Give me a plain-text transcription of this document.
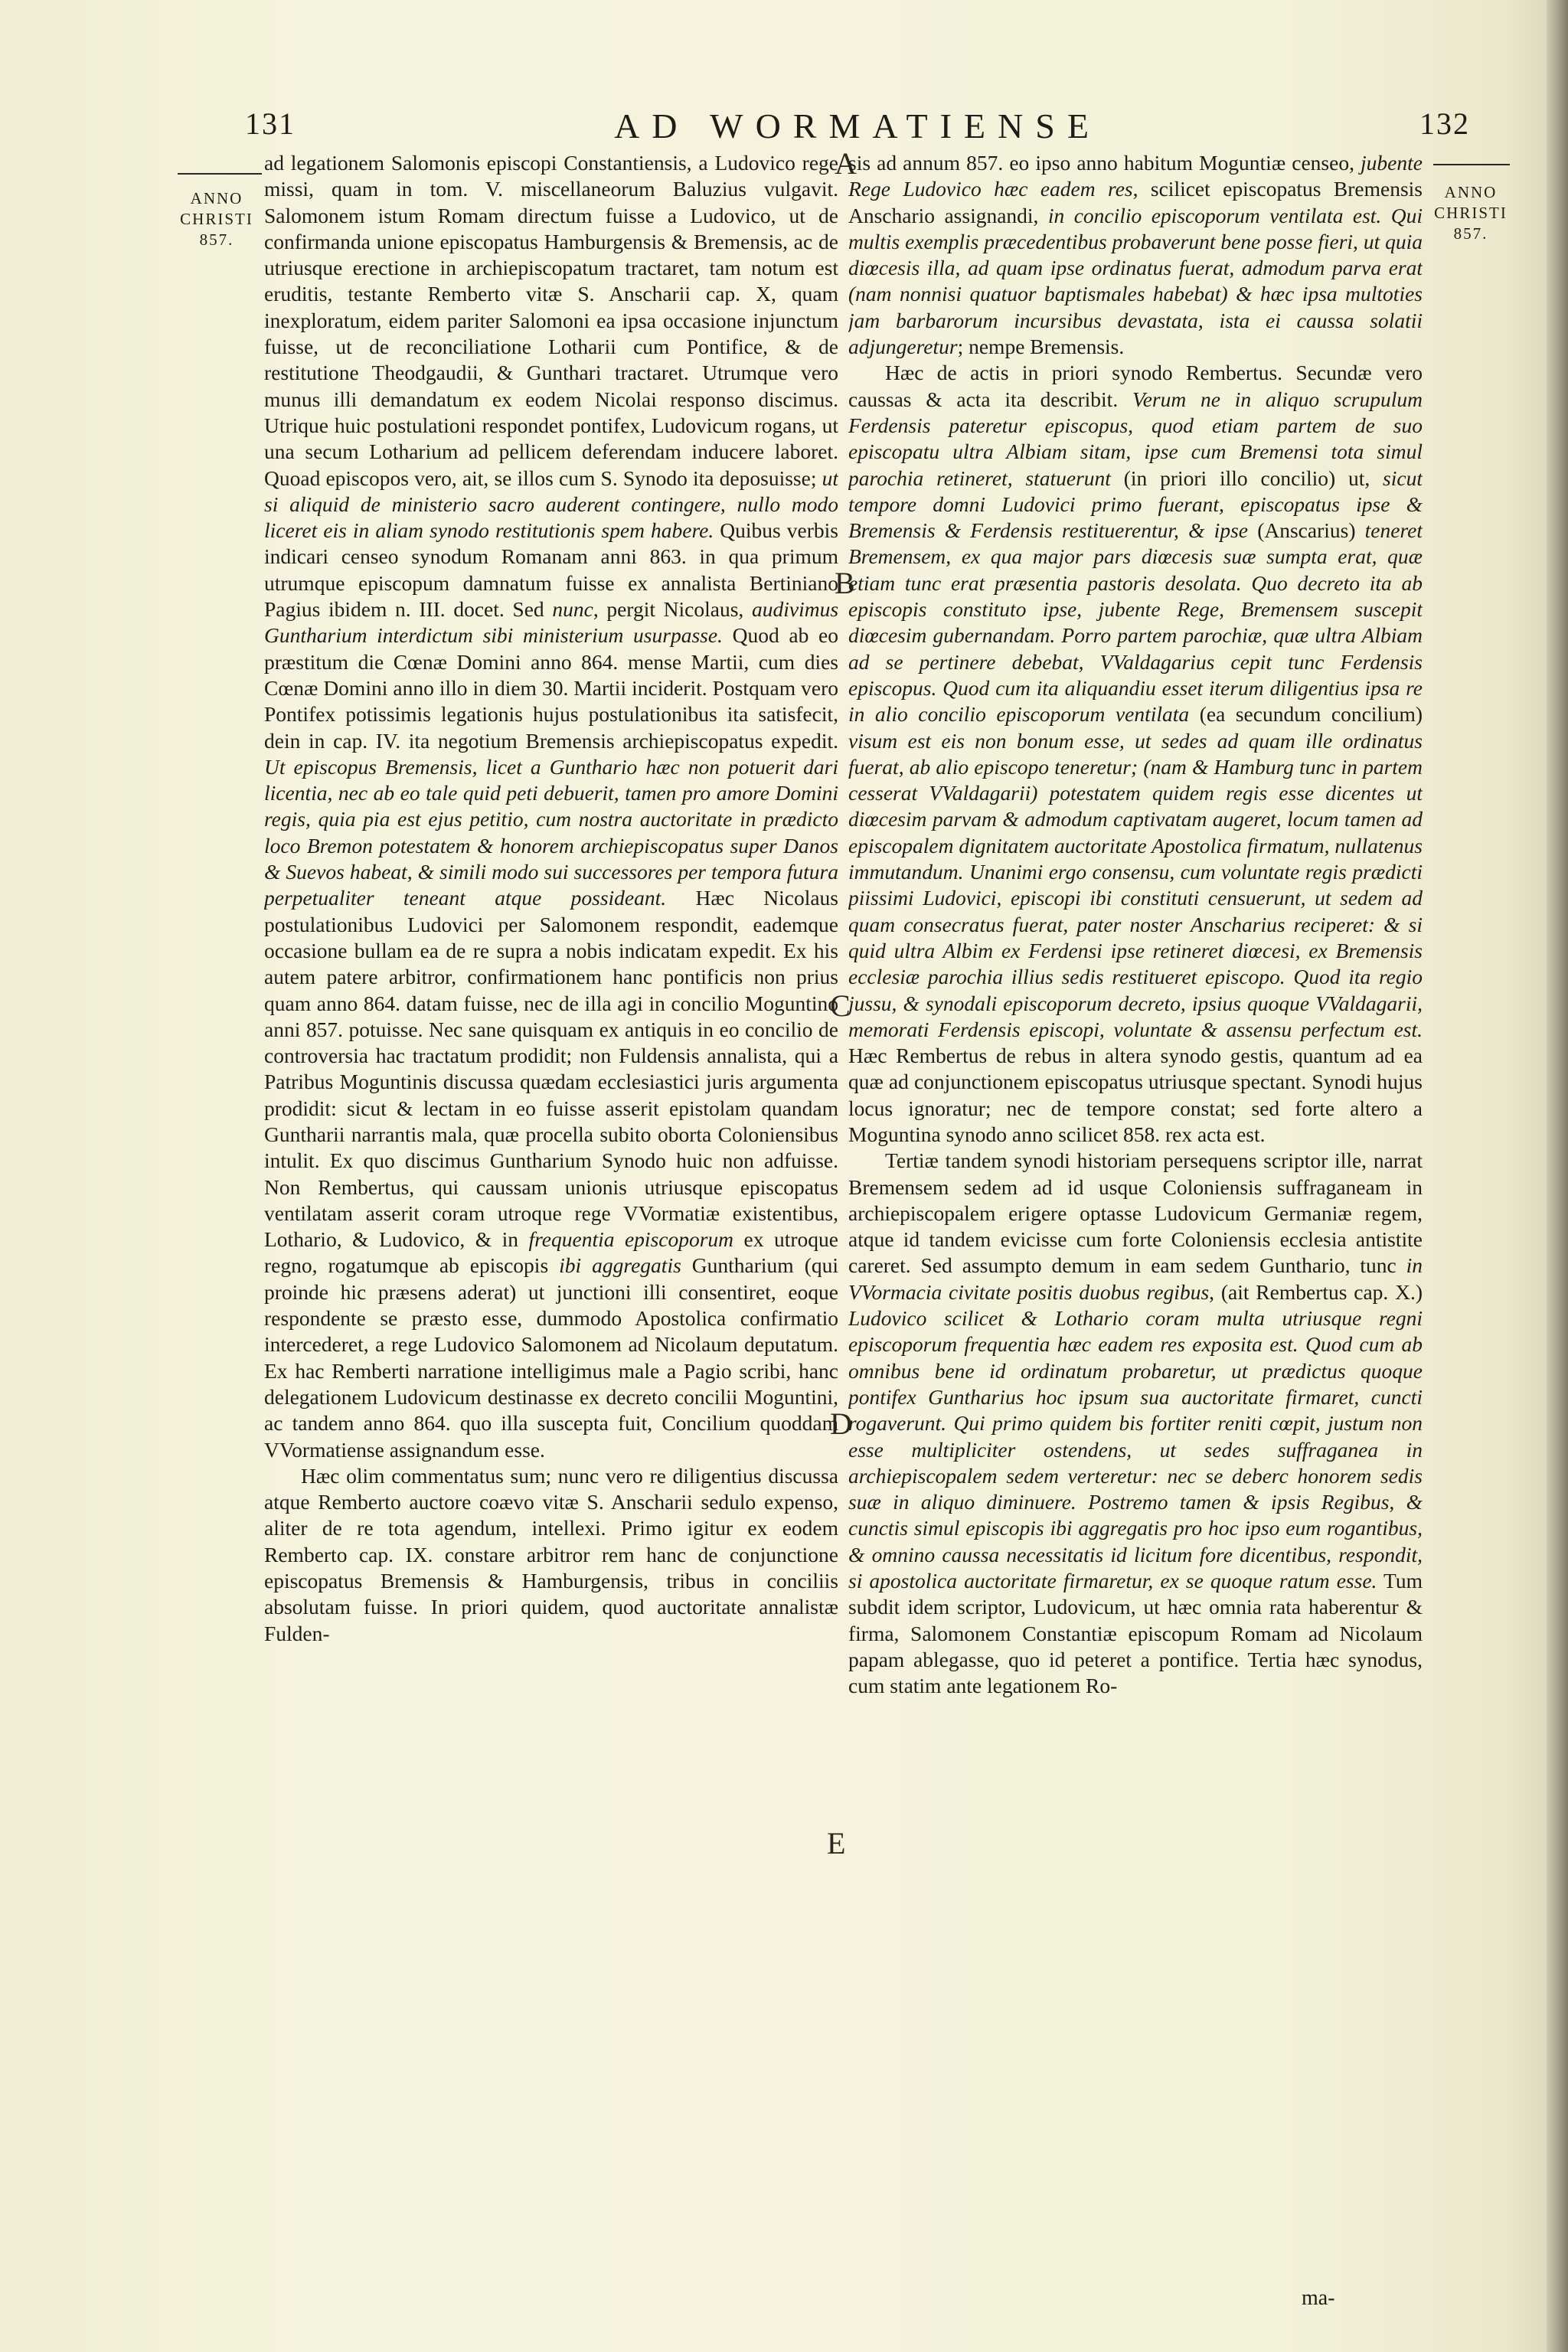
131	AD WORMATIENSE	132
ANNO
CHRISTI
857.
ANNO
CHRISTI
857.
A
B
C
D
E

ad legationem Salomonis episcopi Constantiensis, a Ludovico rege missi, quam in tom. V. miscellaneorum Baluzius vulgavit. Salomonem istum Romam directum fuisse a Ludovico, ut de confirmanda unione episcopatus Hamburgensis & Bremensis, ac de utriusque erectione in archiepiscopatum tractaret, tam notum est eruditis, testante Remberto vitæ S. Anscharii cap. X, quam inexploratum, eidem pariter Salomoni ea ipsa occasione injunctum fuisse, ut de reconciliatione Lotharii cum Pontifice, & de restitutione Theodgaudii, & Gunthari tractaret. Utrumque vero munus illi demandatum ex eodem Nicolai responso discimus. Utrique huic postulationi respondet pontifex, Ludovicum rogans, ut una secum Lotharium ad pellicem deferendam inducere laboret. Quoad episcopos vero, ait, se illos cum S. Synodo ita deposuisse; ut si aliquid de ministerio sacro auderent contingere, nullo modo liceret eis in aliam synodo restitutionis spem habere. Quibus verbis indicari censeo synodum Romanam anni 863. in qua primum utrumque episcopum damnatum fuisse ex annalista Bertiniano Pagius ibidem n. III. docet. Sed nunc, pergit Nicolaus, audivimus Guntharium interdictum sibi ministerium usurpasse. Quod ab eo præstitum die Cœnæ Domini anno 864. mense Martii, cum dies Cœnæ Domini anno illo in diem 30. Martii inciderit. Postquam vero Pontifex potissimis legationis hujus postulationibus ita satisfecit, dein in cap. IV. ita negotium Bremensis archiepiscopatus expedit. Ut episcopus Bremensis, licet a Gunthario hæc non potuerit dari licentia, nec ab eo tale quid peti debuerit, tamen pro amore Domini regis, quia pia est ejus petitio, cum nostra auctoritate in prædicto loco Bremon potestatem & honorem archiepiscopatus super Danos & Suevos habeat, & simili modo sui successores per tempora futura perpetualiter teneant atque possideant. Hæc Nicolaus postulationibus Ludovici per Salomonem respondit, eademque occasione bullam ea de re supra a nobis indicatam expedit. Ex his autem patere arbitror, confirmationem hanc pontificis non prius quam anno 864. datam fuisse, nec de illa agi in concilio Moguntino anni 857. potuisse. Nec sane quisquam ex antiquis in eo concilio de controversia hac tractatum prodidit; non Fuldensis annalista, qui a Patribus Moguntinis discussa quædam ecclesiastici juris argumenta prodidit: sicut & lectam in eo fuisse asserit epistolam quandam Guntharii narrantis mala, quæ procella subito oborta Coloniensibus intulit. Ex quo discimus Guntharium Synodo huic non adfuisse. Non Rembertus, qui caussam unionis utriusque episcopatus ventilatam asserit coram utroque rege VVormatiæ existentibus, Lothario, & Ludovico, & in frequentia episcoporum ex utroque regno, rogatumque ab episcopis ibi aggregatis Guntharium (qui proinde hic præsens aderat) ut junctioni illi consentiret, eoque respondente se præsto esse, dummodo Apostolica confirmatio intercederet, a rege Ludovico Salomonem ad Nicolaum deputatum. Ex hac Remberti narratione intelligimus male a Pagio scribi, hanc delegationem Ludovicum destinasse ex decreto concilii Moguntini, ac tandem anno 864. quo illa suscepta fuit, Concilium quoddam VVormatiense assignandum esse.

Hæc olim commentatus sum; nunc vero re diligentius discussa atque Remberto auctore coævo vitæ S. Anscharii sedulo expenso, aliter de re tota agendum, intellexi. Primo igitur ex eodem Remberto cap. IX. constare arbitror rem hanc de conjunctione episcopatus Bremensis & Hamburgensis, tribus in conciliis absolutam fuisse. In priori quidem, quod auctoritate annalistæ Fulden-

sis ad annum 857. eo ipso anno habitum Moguntiæ censeo, jubente Rege Ludovico hæc eadem res, scilicet episcopatus Bremensis Anschario assignandi, in concilio episcoporum ventilata est. Qui multis exemplis præcedentibus probaverunt bene posse fieri, ut quia diœcesis illa, ad quam ipse ordinatus fuerat, admodum parva erat (nam nonnisi quatuor baptismales habebat) & hæc ipsa multoties jam barbarorum incursibus devastata, ista ei caussa solatii adjungeretur; nempe Bremensis.

Hæc de actis in priori synodo Rembertus. Secundæ vero caussas & acta ita describit. Verum ne in aliquo scrupulum Ferdensis pateretur episcopus, quod etiam partem de suo episcopatu ultra Albiam sitam, ipse cum Bremensi tota simul parochia retineret, statuerunt (in priori illo concilio) ut, sicut tempore domni Ludovici primo fuerant, episcopatus ipse & Bremensis & Ferdensis restituerentur, & ipse (Anscarius) teneret Bremensem, ex qua major pars diœcesis suæ sumpta erat, quæ etiam tunc erat præsentia pastoris desolata. Quo decreto ita ab episcopis constituto ipse, jubente Rege, Bremensem suscepit diœcesim gubernandam. Porro partem parochiæ, quæ ultra Albiam ad se pertinere debebat, VValdagarius cepit tunc Ferdensis episcopus. Quod cum ita aliquandiu esset iterum diligentius ipsa re in alio concilio episcoporum ventilata (ea secundum concilium) visum est eis non bonum esse, ut sedes ad quam ille ordinatus fuerat, ab alio episcopo teneretur; (nam & Hamburg tunc in partem cesserat VValdagarii) potestatem quidem regis esse dicentes ut diœcesim parvam & admodum captivatam augeret, locum tamen ad episcopalem dignitatem auctoritate Apostolica firmatum, nullatenus immutandum. Unanimi ergo consensu, cum voluntate regis prædicti piissimi Ludovici, episcopi ibi constituti censuerunt, ut sedem ad quam consecratus fuerat, pater noster Anscharius reciperet: & si quid ultra Albim ex Ferdensi ipse retineret diœcesi, ex Bremensis ecclesiæ parochia illius sedis restitueret episcopo. Quod ita regio jussu, & synodali episcoporum decreto, ipsius quoque VValdagarii, memorati Ferdensis episcopi, voluntate & assensu perfectum est. Hæc Rembertus de rebus in altera synodo gestis, quantum ad ea quæ ad conjunctionem episcopatus utriusque spectant. Synodi hujus locus ignoratur; nec de tempore constat; sed forte altero a Moguntina synodo anno scilicet 858. rex acta est.

Tertiæ tandem synodi historiam persequens scriptor ille, narrat Bremensem sedem ad id usque Coloniensis suffraganeam in archiepiscopalem erigere optasse Ludovicum Germaniæ regem, atque id tandem evicisse cum forte Coloniensis ecclesia antistite careret. Sed assumpto demum in eam sedem Gunthario, tunc in VVormacia civitate positis duobus regibus, (ait Rembertus cap. X.) Ludovico scilicet & Lothario coram multa utriusque regni episcoporum frequentia hæc eadem res exposita est. Quod cum ab omnibus bene id ordinatum probaretur, ut prædictus quoque pontifex Guntharius hoc ipsum sua auctoritate firmaret, cuncti rogaverunt. Qui primo quidem bis fortiter reniti cœpit, justum non esse multipliciter ostendens, ut sedes suffraganea in archiepiscopalem sedem verteretur: nec se deberc honorem sedis suæ in aliquo diminuere. Postremo tamen & ipsis Regibus, & cunctis simul episcopis ibi aggregatis pro hoc ipso eum rogantibus, & omnino caussa necessitatis id licitum fore dicentibus, respondit, si apostolica auctoritate firmaretur, ex se quoque ratum esse. Tum subdit idem scriptor, Ludovicum, ut hæc omnia rata haberentur & firma, Salomonem Constantiæ episcopum Romam ad Nicolaum papam ablegasse, quo id peteret a pontifice. Tertia hæc synodus, cum statim ante legationem Ro-

ma-
